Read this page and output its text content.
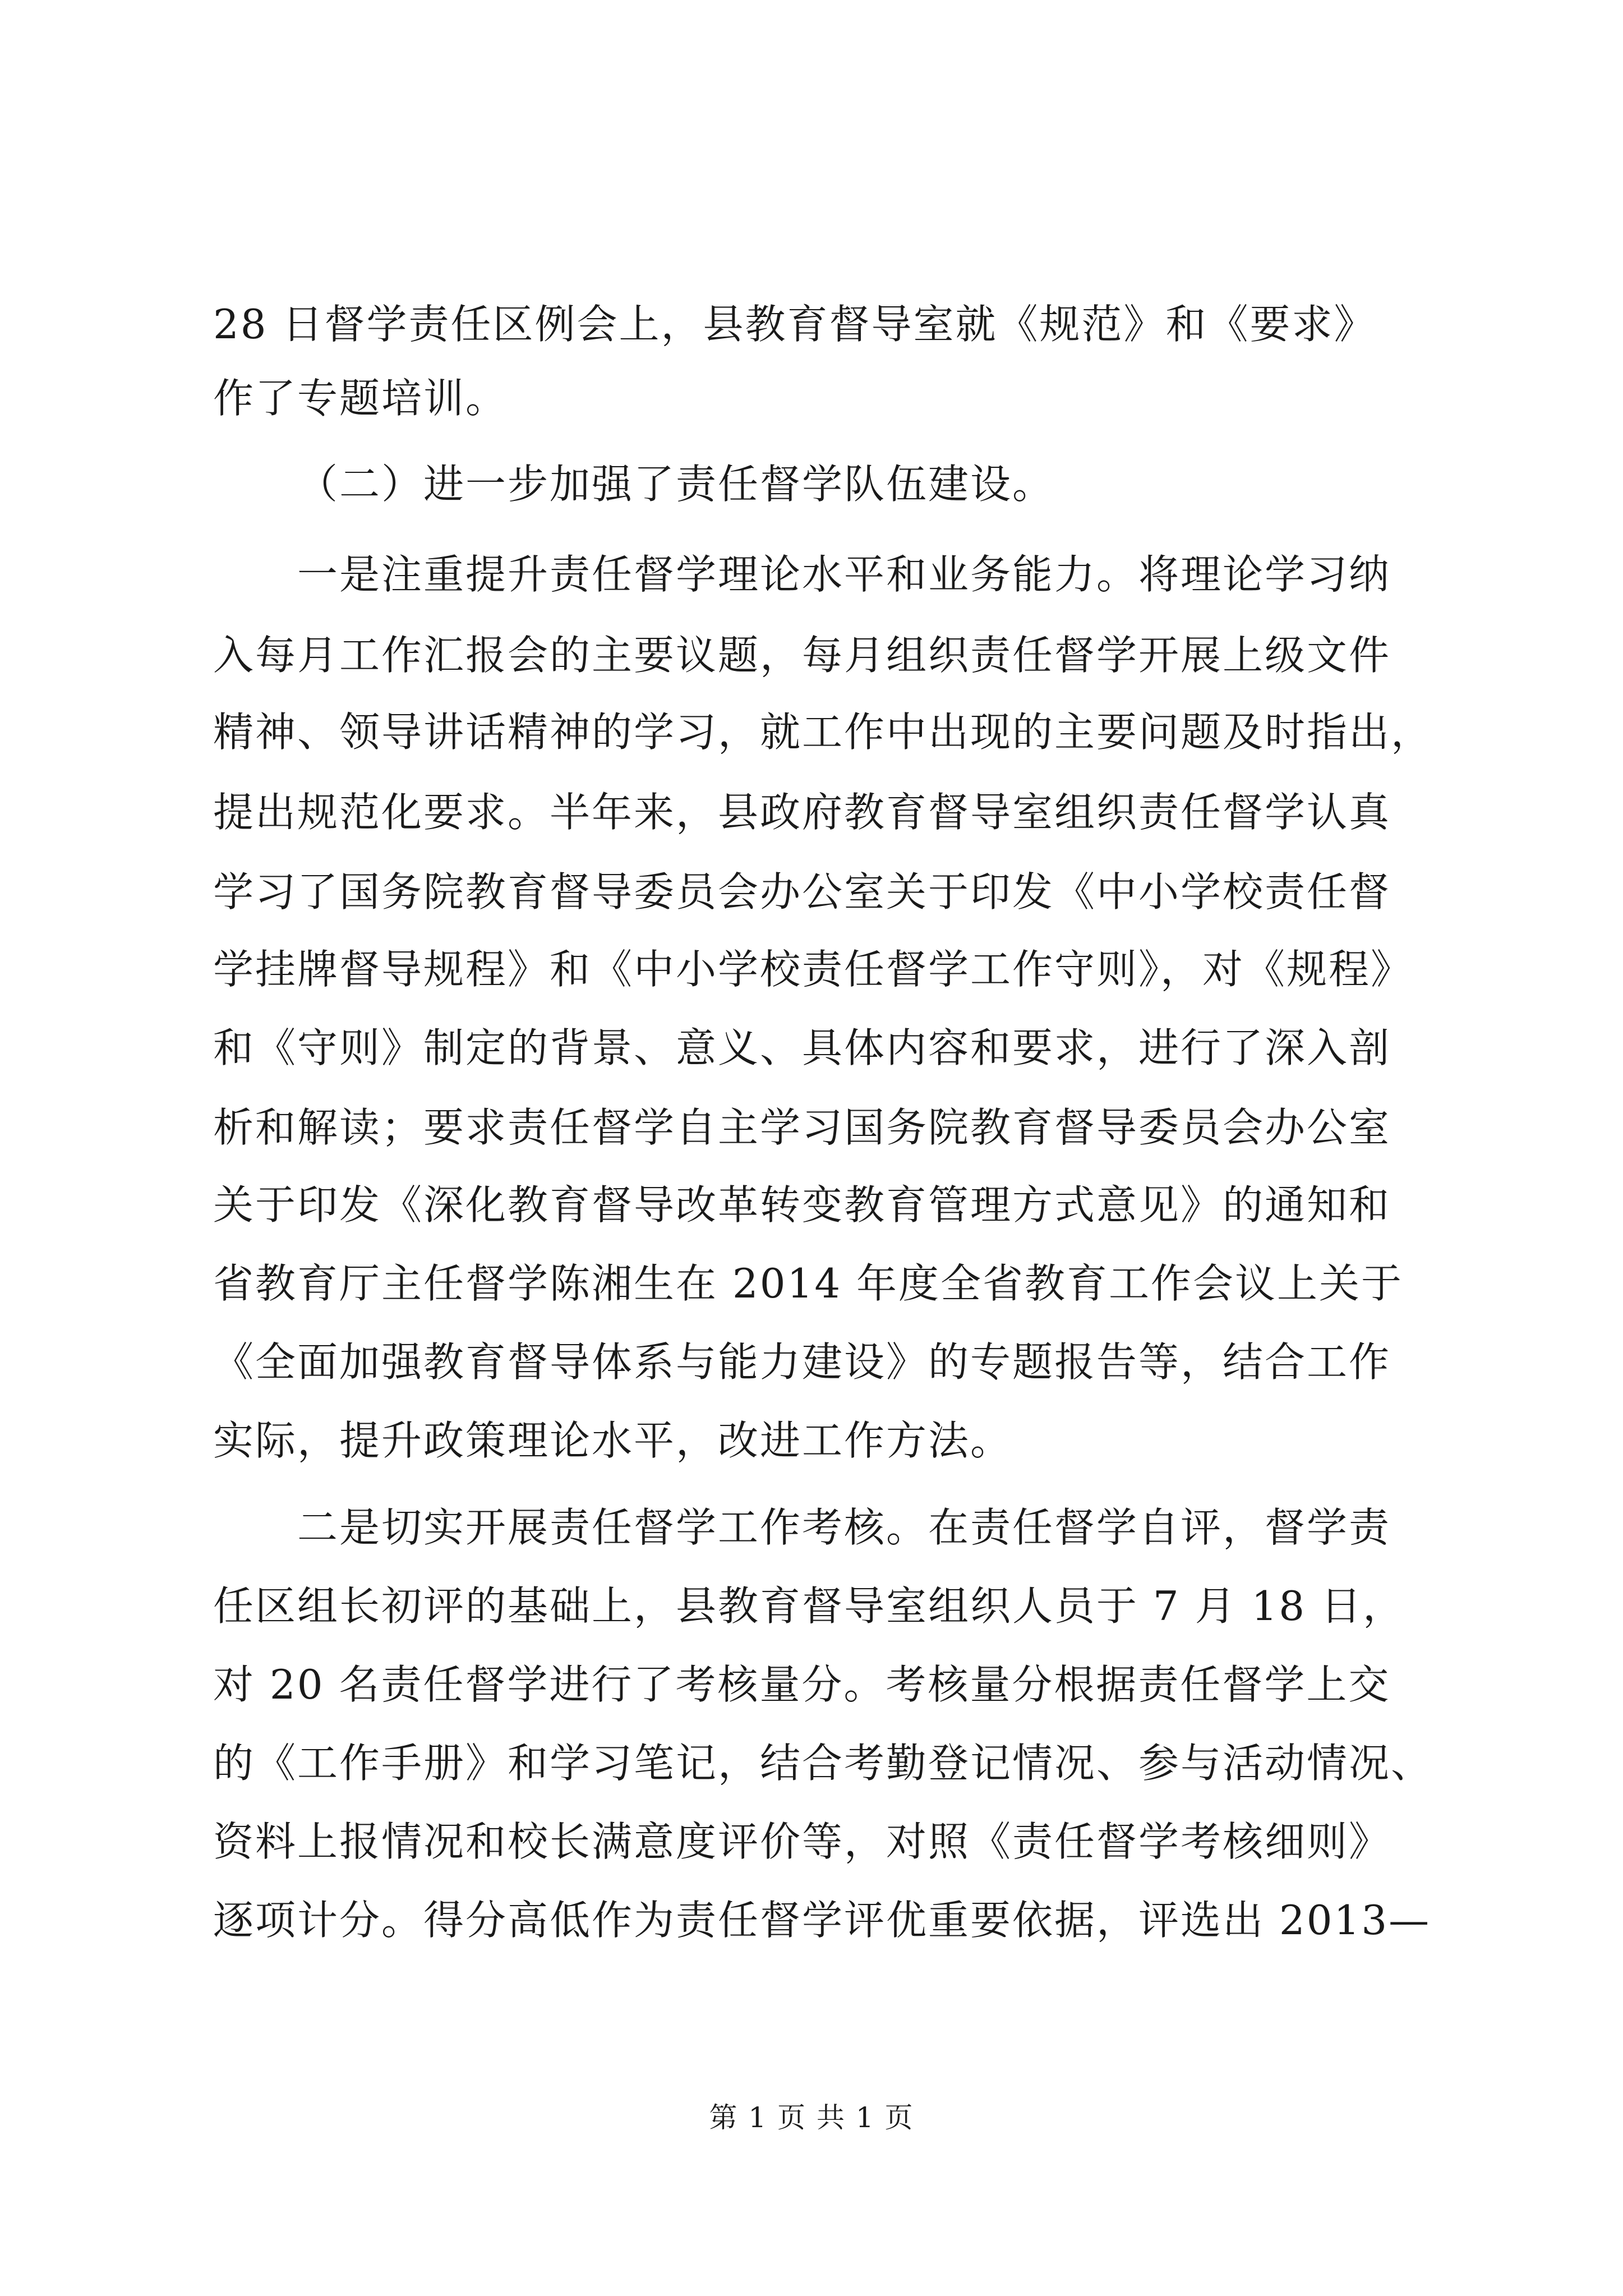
28 日督学责任区例会上，县教育督导室就《规范》和《要求》
作了专题培训。
（二）进一步加强了责任督学队伍建设。
一是注重提升责任督学理论水平和业务能力。将理论学习纳
入每月工作汇报会的主要议题，每月组织责任督学开展上级文件
精神、领导讲话精神的学习，就工作中出现的主要问题及时指出，
提出规范化要求。半年来，县政府教育督导室组织责任督学认真
学习了国务院教育督导委员会办公室关于印发《中小学校责任督
学挂牌督导规程》和《中小学校责任督学工作守则》，对《规程》
和《守则》制定的背景、意义、具体内容和要求，进行了深入剖
析和解读；要求责任督学自主学习国务院教育督导委员会办公室
关于印发《深化教育督导改革转变教育管理方式意见》的通知和
省教育厅主任督学陈湘生在 2014 年度全省教育工作会议上关于
《全面加强教育督导体系与能力建设》的专题报告等，结合工作
实际，提升政策理论水平，改进工作方法。
二是切实开展责任督学工作考核。在责任督学自评，督学责
任区组长初评的基础上，县教育督导室组织人员于 7 月 18 日，
对 20 名责任督学进行了考核量分。考核量分根据责任督学上交
的《工作手册》和学习笔记，结合考勤登记情况、参与活动情况、
资料上报情况和校长满意度评价等，对照《责任督学考核细则》
逐项计分。得分高低作为责任督学评优重要依据，评选出 2013—
第 1 页 共 1 页
